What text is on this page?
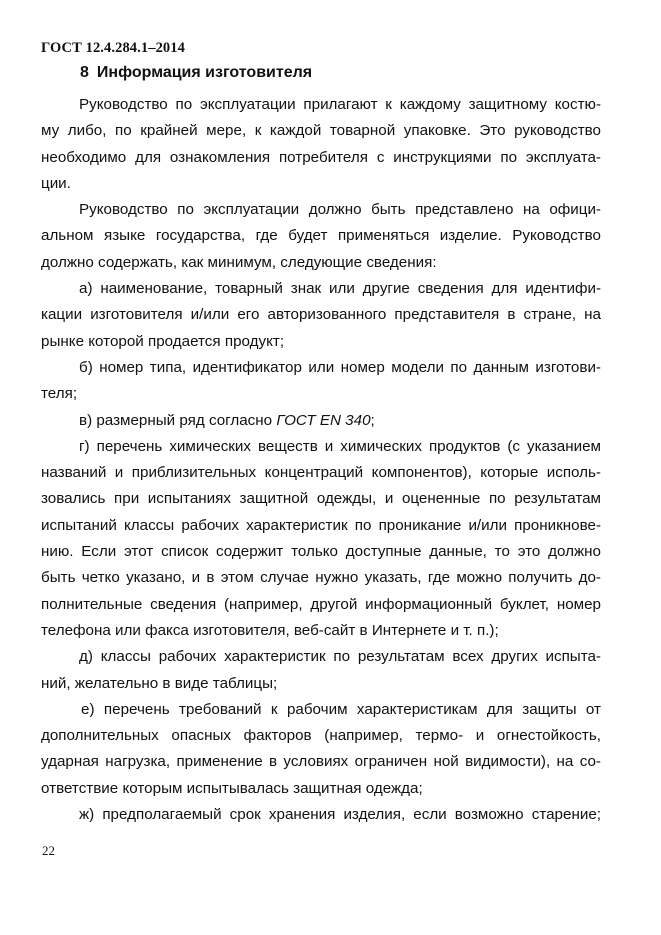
ГОСТ 12.4.284.1–2014
8 Информация изготовителя
Руководство по эксплуатации прилагают к каждому защитному костю-
му либо, по крайней мере, к каждой товарной упаковке. Это руководство
необходимо для ознакомления потребителя с инструкциями по эксплуата-
ции.
Руководство по эксплуатации должно быть представлено на офици-
альном языке государства, где будет применяться изделие. Руководство
должно содержать, как минимум, следующие сведения:
а) наименование, товарный знак или другие сведения для идентифи-
кации изготовителя и/или его авторизованного представителя в стране, на
рынке которой продается продукт;
б) номер типа, идентификатор или номер модели по данным изготови-
теля;
в) размерный ряд согласно ГОСТ EN 340;
г) перечень химических веществ и химических продуктов (с указанием
названий и приблизительных концентраций компонентов), которые исполь-
зовались при испытаниях защитной одежды, и оцененные по результатам
испытаний классы рабочих характеристик по проникание и/или проникнове-
нию. Если этот список содержит только доступные данные, то это должно
быть четко указано, и в этом случае нужно указать, где можно получить до-
полнительные сведения (например, другой информационный буклет, номер
телефона или факса изготовителя, веб-сайт в Интернете и т. п.);
д) классы рабочих характеристик по результатам всех других испыта-
ний, желательно в виде таблицы;
е) перечень требований к рабочим характеристикам для защиты от
дополнительных опасных факторов (например, термо- и огнестойкость,
ударная нагрузка, применение в условиях ограничен ной видимости), на со-
ответствие которым испытывалась защитная одежда;
ж) предполагаемый срок хранения изделия, если возможно старение;
22
